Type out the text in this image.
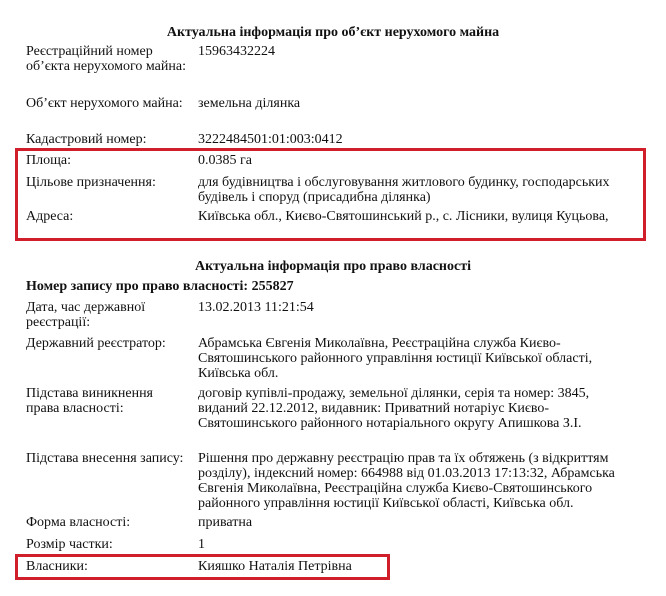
Актуальна інформація про об’єкт нерухомого майна
Реєстраційний номер об’єкта нерухомого майна:
15963432224
Об’єкт нерухомого майна: земельна ділянка
Кадастровий номер:	3222484501:01:003:0412
Площа:	0.0385 га
Цільове призначення:	для будівництва і обслуговування житлового будинку, господарських будівель і споруд (присадибна ділянка)
Адреса:	Київська обл., Києво-Святошинський р., с. Лісники, вулиця Куцьова,
Актуальна інформація про право власності
Номер запису про право власності: 255827
Дата, час державної реєстрації:
13.02.2013 11:21:54
Державний реєстратор:	Абрамська Євгенія Миколаївна, Реєстраційна служба Києво-Святошинського районного управління юстиції Київської області, Київська обл.
Підстава виникнення права власності:
договір купівлі-продажу, земельної ділянки, серія та номер: 3845, виданий 22.12.2012, видавник: Приватний нотаріус Києво-Святошинського районного нотаріального округу Апишкова З.І.
Підстава внесення запису: Рішення про державну реєстрацію прав та їх обтяжень (з відкриттям розділу), індексний номер: 664988 від 01.03.2013 17:13:32, Абрамська Євгенія Миколаївна, Реєстраційна служба Києво-Святошинського районного управління юстиції Київської області, Київська обл.
Форма власності:	приватна
Розмір частки:	1
Власники:	Кияшко Наталія Петрівна
